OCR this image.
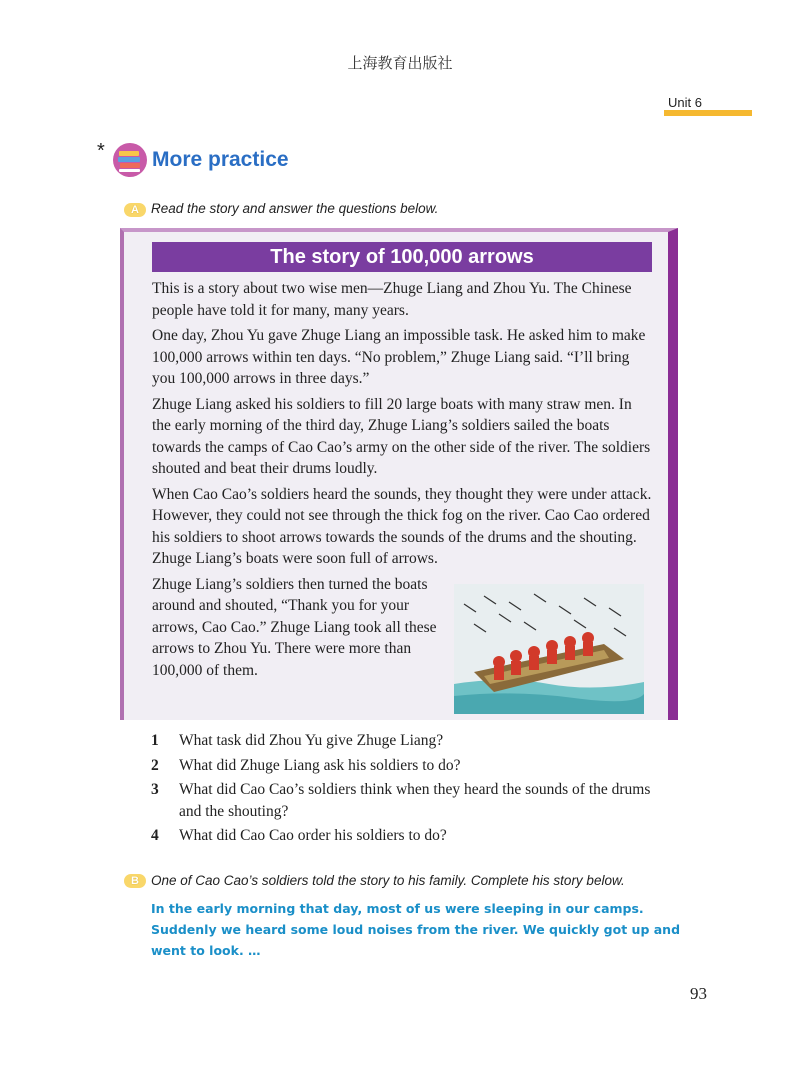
上海教育出版社
Unit 6
* More practice
A Read the story and answer the questions below.
The story of 100,000 arrows

This is a story about two wise men—Zhuge Liang and Zhou Yu. The Chinese people have told it for many, many years.

One day, Zhou Yu gave Zhuge Liang an impossible task. He asked him to make 100,000 arrows within ten days. “No problem,” Zhuge Liang said. “I’ll bring you 100,000 arrows in three days.”

Zhuge Liang asked his soldiers to fill 20 large boats with many straw men. In the early morning of the third day, Zhuge Liang’s soldiers sailed the boats towards the camps of Cao Cao’s army on the other side of the river. The soldiers shouted and beat their drums loudly.

When Cao Cao’s soldiers heard the sounds, they thought they were under attack. However, they could not see through the thick fog on the river. Cao Cao ordered his soldiers to shoot arrows towards the sounds of the drums and the shouting. Zhuge Liang’s boats were soon full of arrows.

Zhuge Liang’s soldiers then turned the boats around and shouted, “Thank you for your arrows, Cao Cao.” Zhuge Liang took all these arrows to Zhou Yu. There were more than 100,000 of them.

1	What task did Zhou Yu give Zhuge Liang?
2	What did Zhuge Liang ask his soldiers to do?
3	What did Cao Cao’s soldiers think when they heard the sounds of the drums and the shouting?
4	What did Cao Cao order his soldiers to do?
B One of Cao Cao’s soldiers told the story to his family. Complete his story below.
In the early morning that day, most of us were sleeping in our camps. Suddenly we heard some loud noises from the river. We quickly got up and went to look. …
93
